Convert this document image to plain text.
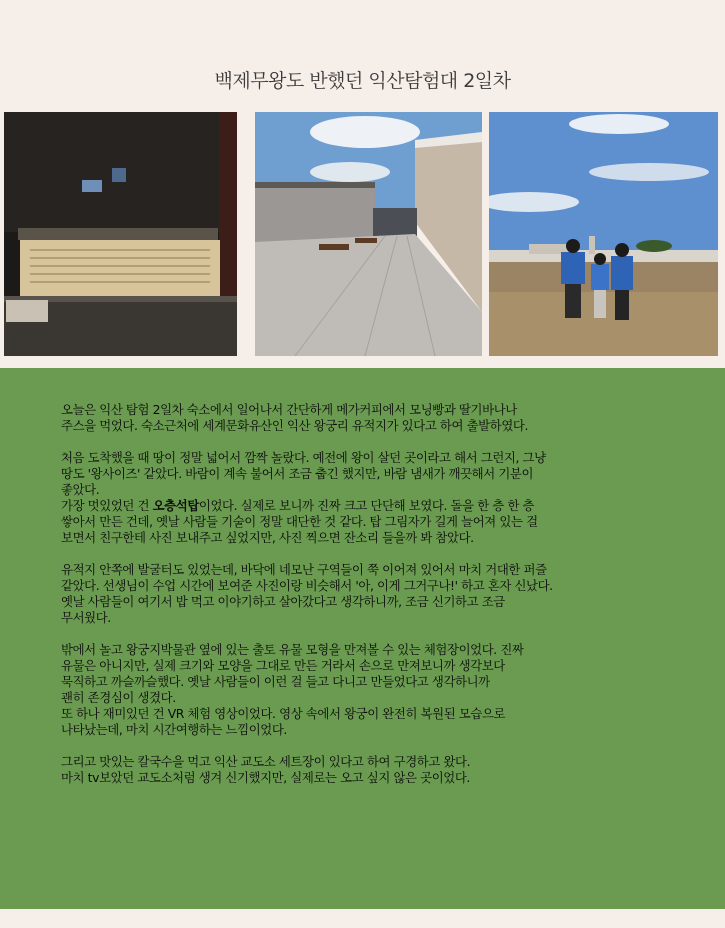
백제무왕도 반했던 익산탐험대 2일차

오늘은 익산 탐험 2일차 숙소에서 일어나서 간단하게 메가커피에서 모닝빵과 딸기바나나

주스을 먹었다. 숙소근처에 세계문화유산인 익산 왕궁리 유적지가 있다고 하여 출발하였다.

처음 도착했을 때 땅이 정말 넓어서 깜짝 놀랐다. 예전에 왕이 살던 곳이라고 해서 그런지, 그냥

땅도 '왕사이즈' 같았다. 바람이 계속 불어서 조금 춥긴 했지만, 바람 냄새가 깨끗해서 기분이

좋았다.

가장 멋있었던 건 오층석탑이었다. 실제로 보니까 진짜 크고 단단해 보였다. 돌을 한 층 한 층

쌓아서 만든 건데, 옛날 사람들 기술이 정말 대단한 것 같다. 탑 그림자가 길게 늘어져 있는 걸

보면서 친구한테 사진 보내주고 싶었지만, 사진 찍으면 잔소리 들을까 봐 참았다.

유적지 안쪽에 발굴터도 있었는데, 바닥에 네모난 구역들이 쭉 이어져 있어서 마치 거대한 퍼즐

같았다. 선생님이 수업 시간에 보여준 사진이랑 비슷해서 '아, 이게 그거구나!' 하고 혼자 신났다.

옛날 사람들이 여기서 밥 먹고 이야기하고 살아갔다고 생각하니까, 조금 신기하고 조금

무서웠다.

밖에서 놀고 왕궁지박물관 옆에 있는 출토 유물 모형을 만져볼 수 있는 체험장이었다. 진짜

유물은 아니지만, 실제 크기와 모양을 그대로 만든 거라서 손으로 만져보니까 생각보다

묵직하고 까슬까슬했다. 옛날 사람들이 이런 걸 들고 다니고 만들었다고 생각하니까

괜히 존경심이 생겼다.

또 하나 재미있던 건 VR 체험 영상이었다. 영상 속에서 왕궁이 완전히 복원된 모습으로

나타났는데, 마치 시간여행하는 느낌이었다.

그리고 맛있는 칼국수을 먹고 익산 교도소 세트장이 있다고 하여 구경하고 왔다.

마치 tv보았던 교도소처럼 생겨 신기했지만, 실제로는 오고 싶지 않은 곳이었다.
